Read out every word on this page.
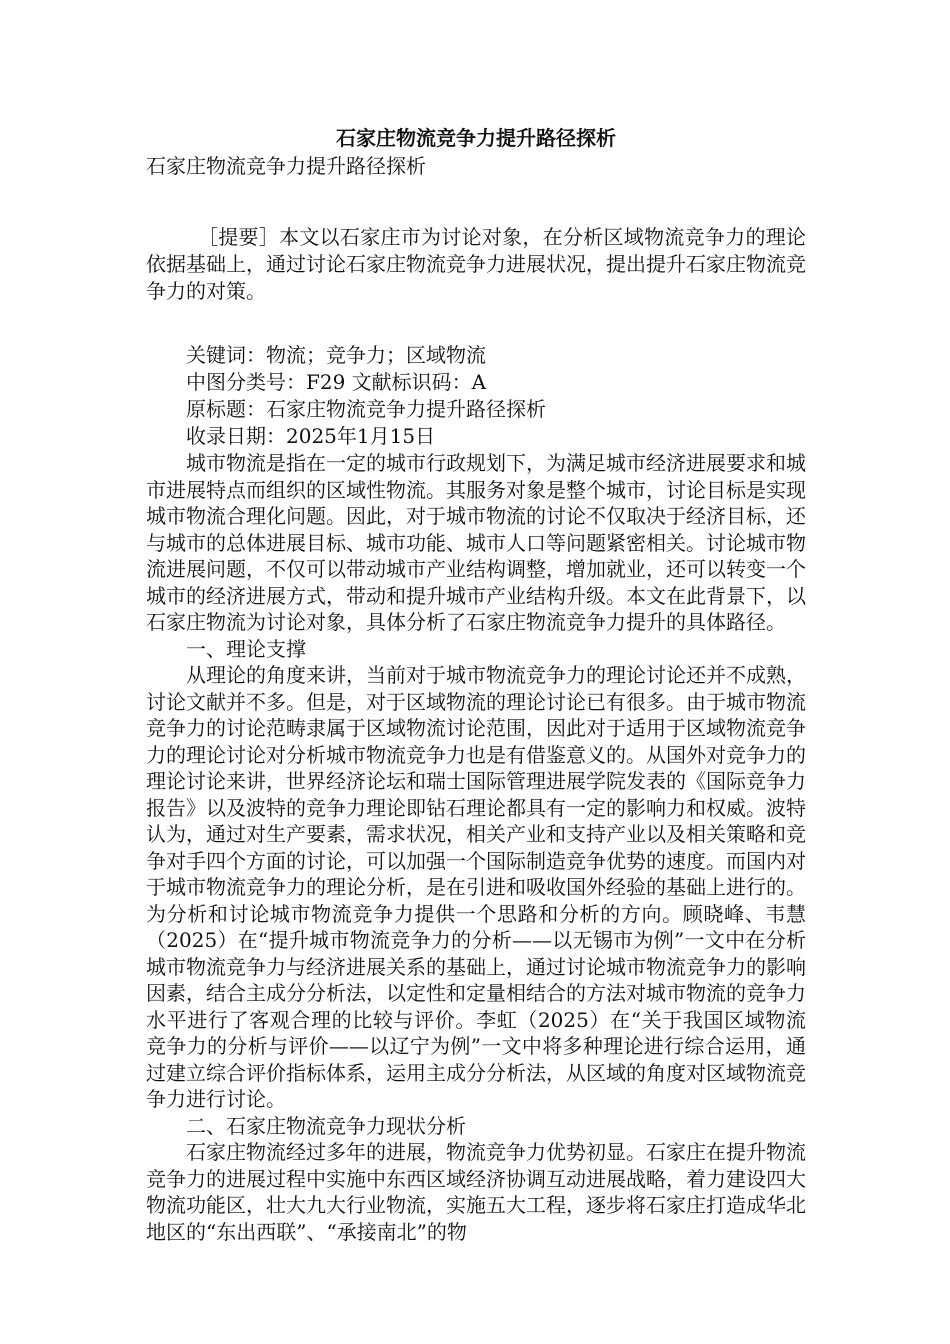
石家庄物流竞争力提升路径探析

石家庄物流竞争力提升路径探析

［提要］本文以石家庄市为讨论对象，在分析区域物流竞争力的理论依据基础上，通过讨论石家庄物流竞争力进展状况，提出提升石家庄物流竞争力的对策。

关键词：物流；竞争力；区域物流
中图分类号：F29 文献标识码：A
原标题：石家庄物流竞争力提升路径探析
收录日期：2025年1月15日

城市物流是指在一定的城市行政规划下，为满足城市经济进展要求和城市进展特点而组织的区域性物流。其服务对象是整个城市，讨论目标是实现城市物流合理化问题。因此，对于城市物流的讨论不仅取决于经济目标，还与城市的总体进展目标、城市功能、城市人口等问题紧密相关。讨论城市物流进展问题，不仅可以带动城市产业结构调整，增加就业，还可以转变一个城市的经济进展方式，带动和提升城市产业结构升级。本文在此背景下，以石家庄物流为讨论对象，具体分析了石家庄物流竞争力提升的具体路径。

一、理论支撑

从理论的角度来讲，当前对于城市物流竞争力的理论讨论还并不成熟，讨论文献并不多。但是，对于区域物流的理论讨论已有很多。由于城市物流竞争力的讨论范畴隶属于区域物流讨论范围，因此对于适用于区域物流竞争力的理论讨论对分析城市物流竞争力也是有借鉴意义的。从国外对竞争力的理论讨论来讲，世界经济论坛和瑞士国际管理进展学院发表的《国际竞争力报告》以及波特的竞争力理论即钻石理论都具有一定的影响力和权威。波特认为，通过对生产要素，需求状况，相关产业和支持产业以及相关策略和竞争对手四个方面的讨论，可以加强一个国际制造竞争优势的速度。而国内对于城市物流竞争力的理论分析，是在引进和吸收国外经验的基础上进行的。为分析和讨论城市物流竞争力提供一个思路和分析的方向。顾晓峰、韦慧（2025）在“提升城市物流竞争力的分析——以无锡市为例”一文中在分析城市物流竞争力与经济进展关系的基础上，通过讨论城市物流竞争力的影响因素，结合主成分分析法，以定性和定量相结合的方法对城市物流的竞争力水平进行了客观合理的比较与评价。李虹（2025）在“关于我国区域物流竞争力的分析与评价——以辽宁为例”一文中将多种理论进行综合运用，通过建立综合评价指标体系，运用主成分分析法，从区域的角度对区域物流竞争力进行讨论。

二、石家庄物流竞争力现状分析

石家庄物流经过多年的进展，物流竞争力优势初显。石家庄在提升物流竞争力的进展过程中实施中东西区域经济协调互动进展战略，着力建设四大物流功能区，壮大九大行业物流，实施五大工程，逐步将石家庄打造成华北地区的“东出西联”、“承接南北”的物
